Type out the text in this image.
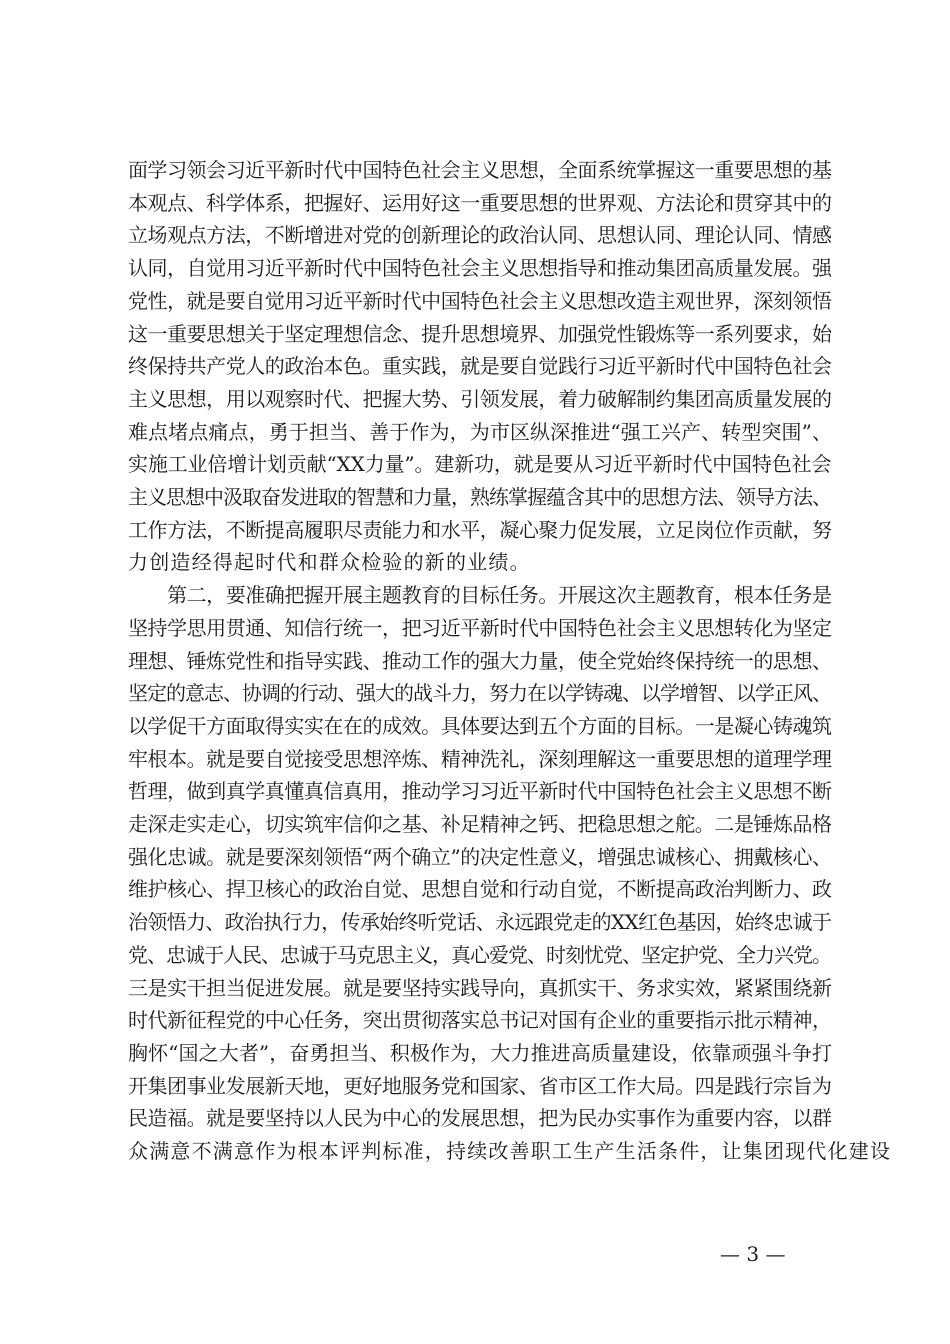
面学习领会习近平新时代中国特色社会主义思想，全面系统掌握这一重要思想的基
本观点、科学体系，把握好、运用好这一重要思想的世界观、方法论和贯穿其中的
立场观点方法，不断增进对党的创新理论的政治认同、思想认同、理论认同、情感
认同，自觉用习近平新时代中国特色社会主义思想指导和推动集团高质量发展。强
党性，就是要自觉用习近平新时代中国特色社会主义思想改造主观世界，深刻领悟
这一重要思想关于坚定理想信念、提升思想境界、加强党性锻炼等一系列要求，始
终保持共产党人的政治本色。重实践，就是要自觉践行习近平新时代中国特色社会
主义思想，用以观察时代、把握大势、引领发展，着力破解制约集团高质量发展的
难点堵点痛点，勇于担当、善于作为，为市区纵深推进“强工兴产、转型突围”、
实施工业倍增计划贡献“XX力量”。建新功，就是要从习近平新时代中国特色社会
主义思想中汲取奋发进取的智慧和力量，熟练掌握蕴含其中的思想方法、领导方法、
工作方法，不断提高履职尽责能力和水平，凝心聚力促发展，立足岗位作贡献，努
力创造经得起时代和群众检验的新的业绩。
　　第二，要准确把握开展主题教育的目标任务。开展这次主题教育，根本任务是
坚持学思用贯通、知信行统一，把习近平新时代中国特色社会主义思想转化为坚定
理想、锤炼党性和指导实践、推动工作的强大力量，使全党始终保持统一的思想、
坚定的意志、协调的行动、强大的战斗力，努力在以学铸魂、以学增智、以学正风、
以学促干方面取得实实在在的成效。具体要达到五个方面的目标。一是凝心铸魂筑
牢根本。就是要自觉接受思想淬炼、精神洗礼，深刻理解这一重要思想的道理学理
哲理，做到真学真懂真信真用，推动学习习近平新时代中国特色社会主义思想不断
走深走实走心，切实筑牢信仰之基、补足精神之钙、把稳思想之舵。二是锤炼品格
强化忠诚。就是要深刻领悟“两个确立”的决定性意义，增强忠诚核心、拥戴核心、
维护核心、捍卫核心的政治自觉、思想自觉和行动自觉，不断提高政治判断力、政
治领悟力、政治执行力，传承始终听党话、永远跟党走的XX红色基因，始终忠诚于
党、忠诚于人民、忠诚于马克思主义，真心爱党、时刻忧党、坚定护党、全力兴党。
三是实干担当促进发展。就是要坚持实践导向，真抓实干、务求实效，紧紧围绕新
时代新征程党的中心任务，突出贯彻落实总书记对国有企业的重要指示批示精神，
胸怀“国之大者”，奋勇担当、积极作为，大力推进高质量建设，依靠顽强斗争打
开集团事业发展新天地，更好地服务党和国家、省市区工作大局。四是践行宗旨为
民造福。就是要坚持以人民为中心的发展思想，把为民办实事作为重要内容，以群
众满意不满意作为根本评判标准，持续改善职工生产生活条件，让集团现代化建设
— 3 —
